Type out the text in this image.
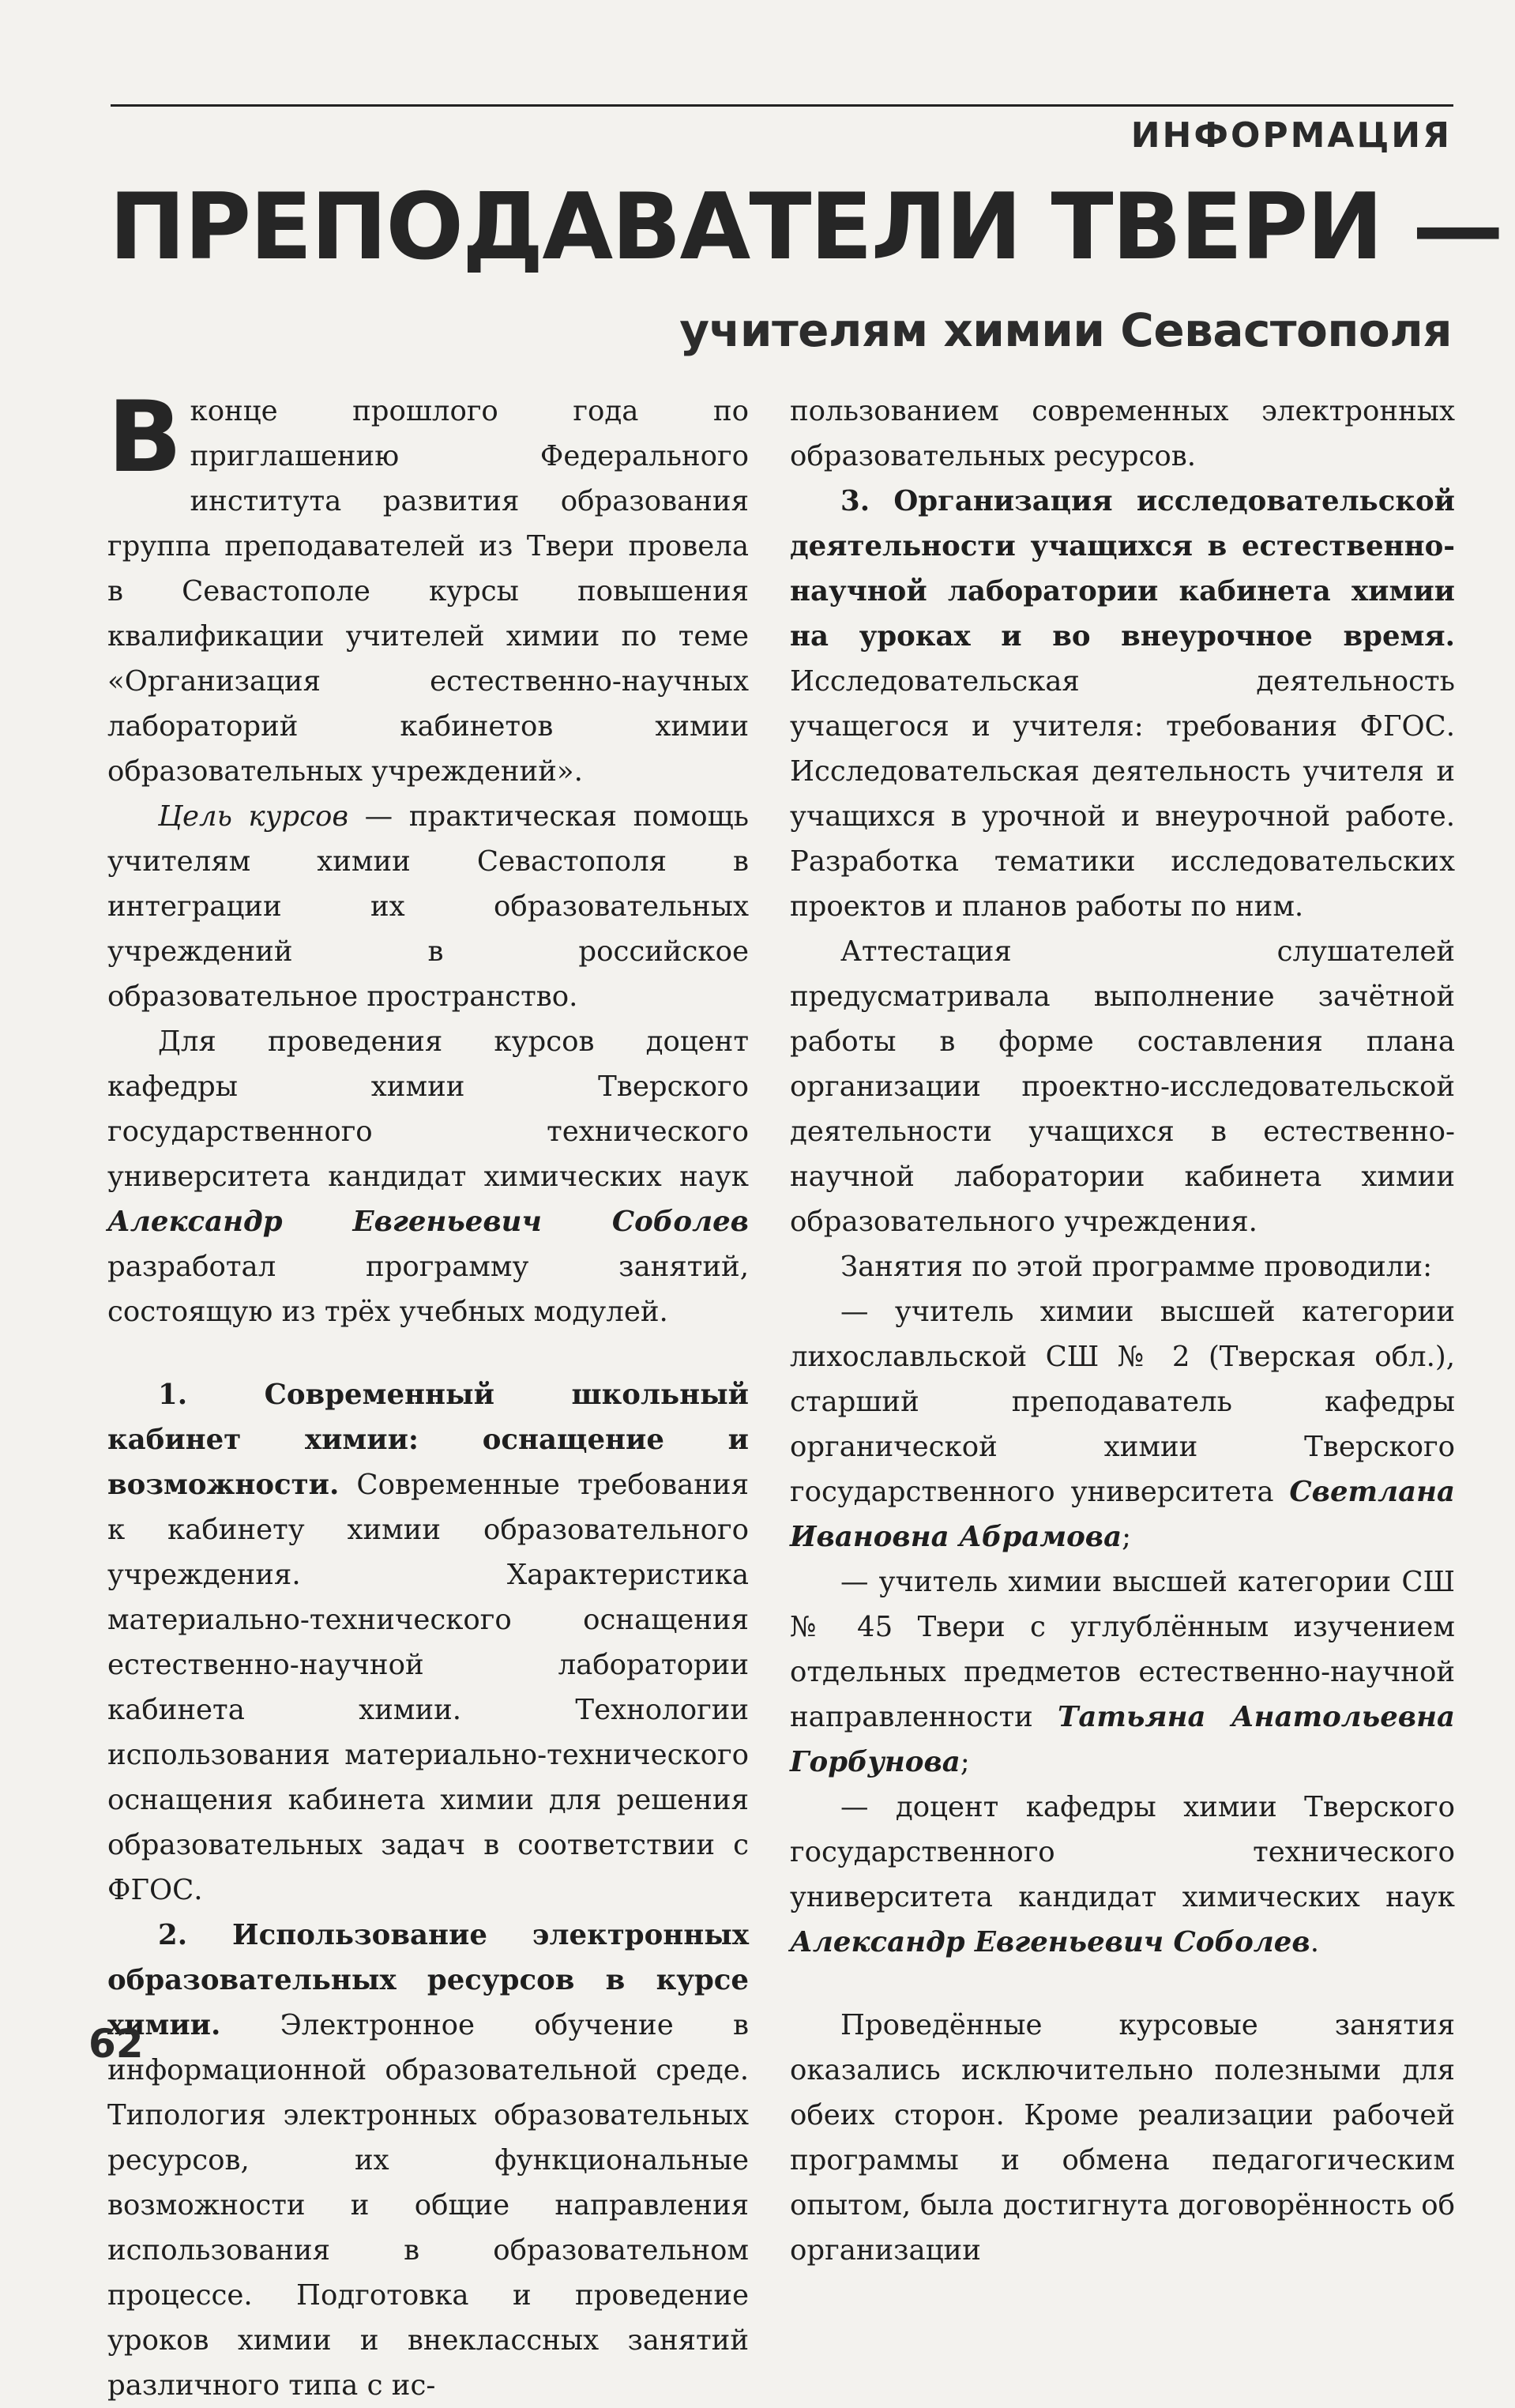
ИНФОРМАЦИЯ
ПРЕПОДАВАТЕЛИ ТВЕРИ —
учителям химии Севастополя

Вконце прошлого года по приглашению Федерального института развития образования группа преподавателей из Твери провела в Севастополе курсы повышения квалификации учителей химии по теме «Организация естественно-научных лабораторий кабинетов химии образовательных учреждений».

Цель курсов — практическая помощь учителям химии Севастополя в интеграции их образовательных учреждений в российское образовательное пространство.

Для проведения курсов доцент кафедры химии Тверского государственного технического университета кандидат химических наук Александр Евгеньевич Соболев разработал программу занятий, состоящую из трёх учебных модулей.

1. Современный школьный кабинет химии: оснащение и возможности. Современные требования к кабинету химии образовательного учреждения. Характеристика материально-технического оснащения естественно-научной лаборатории кабинета химии. Технологии использования материально-технического оснащения кабинета химии для решения образовательных задач в соответствии с ФГОС.

2. Использование электронных образовательных ресурсов в курсе химии. Электронное обучение в информационной образовательной среде. Типология электронных образовательных ресурсов, их функциональные возможности и общие направления использования в образовательном процессе. Подготовка и проведение уроков химии и внеклассных занятий различного типа с ис-

пользованием современных электронных образовательных ресурсов.

3. Организация исследовательской деятельности учащихся в естественно-научной лаборатории кабинета химии на уроках и во внеурочное время. Исследовательская деятельность учащегося и учителя: требования ФГОС. Исследовательская деятельность учителя и учащихся в урочной и внеурочной работе. Разработка тематики исследовательских проектов и планов работы по ним.

Аттестация слушателей предусматривала выполнение зачётной работы в форме составления плана организации проектно-исследовательской деятельности учащихся в естественно-научной лаборатории кабинета химии образовательного учреждения.

Занятия по этой программе проводили:

— учитель химии высшей категории лихославльской СШ № 2 (Тверская обл.), старший преподаватель кафедры органической химии Тверского государственного университета Светлана Ивановна Абрамова;

— учитель химии высшей категории СШ № 45 Твери с углублённым изучением отдельных предметов естественно-научной направленности Татьяна Анатольевна Горбунова;

— доцент кафедры химии Тверского государственного технического университета кандидат химических наук Александр Евгеньевич Соболев.

Проведённые курсовые занятия оказались исключительно полезными для обеих сторон. Кроме реализации рабочей программы и обмена педагогическим опытом, была достигнута договорённость об организации

62
